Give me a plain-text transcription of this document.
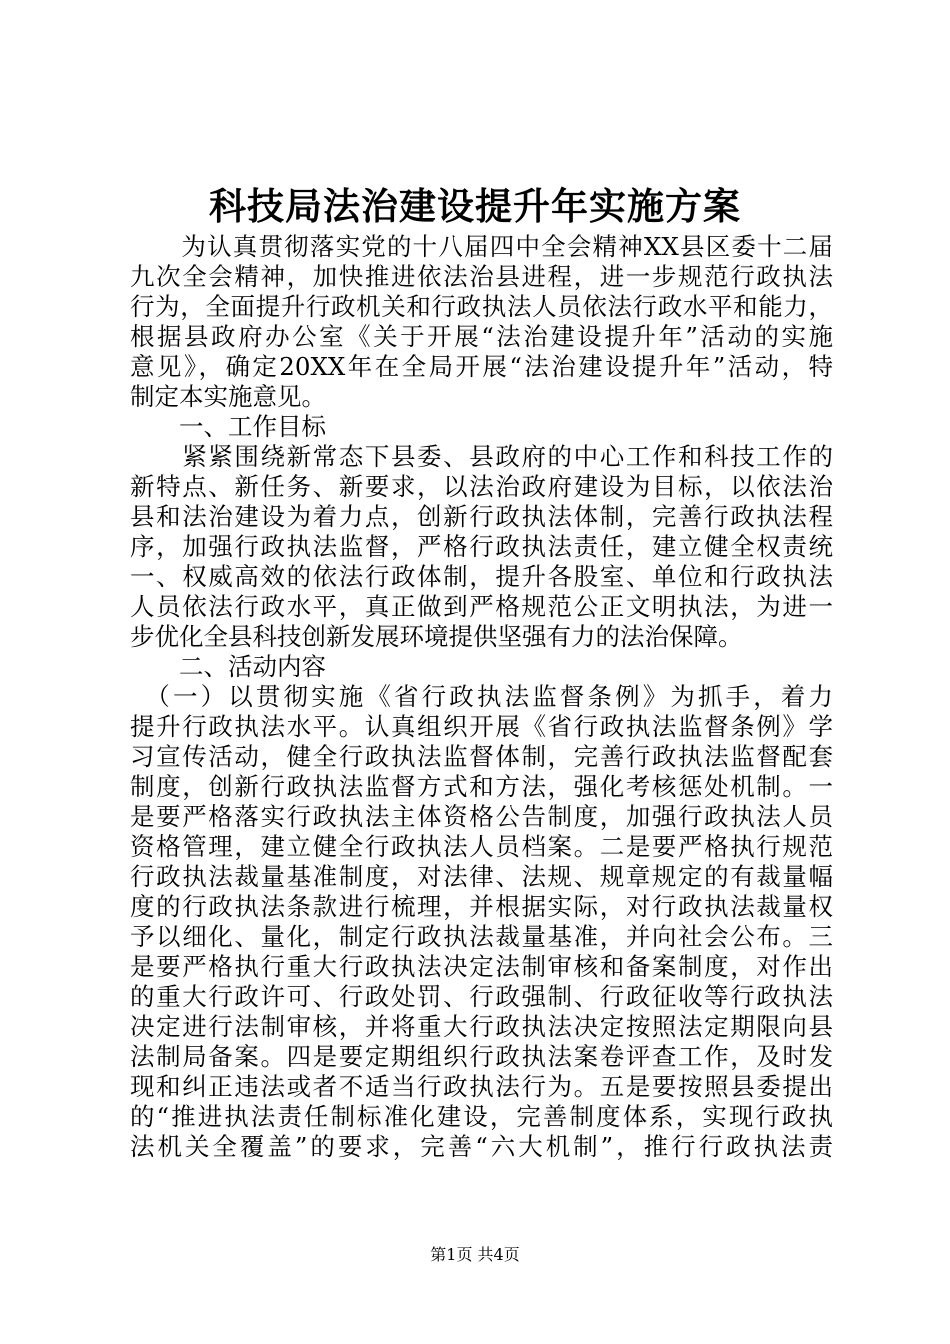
科技局法治建设提升年实施方案
　　为认真贯彻落实党的十八届四中全会精神XX县区委十二届
九次全会精神，加快推进依法治县进程，进一步规范行政执法
行为，全面提升行政机关和行政执法人员依法行政水平和能力，
根据县政府办公室《关于开展“法治建设提升年”活动的实施
意见》，确定20XX年在全局开展“法治建设提升年”活动，特
制定本实施意见。
　　一、工作目标
　　紧紧围绕新常态下县委、县政府的中心工作和科技工作的
新特点、新任务、新要求，以法治政府建设为目标，以依法治
县和法治建设为着力点，创新行政执法体制，完善行政执法程
序，加强行政执法监督，严格行政执法责任，建立健全权责统
一、权威高效的依法行政体制，提升各股室、单位和行政执法
人员依法行政水平，真正做到严格规范公正文明执法，为进一
步优化全县科技创新发展环境提供坚强有力的法治保障。
　　二、活动内容
　（一）以贯彻实施《省行政执法监督条例》为抓手，着力
提升行政执法水平。认真组织开展《省行政执法监督条例》学
习宣传活动，健全行政执法监督体制，完善行政执法监督配套
制度，创新行政执法监督方式和方法，强化考核惩处机制。一
是要严格落实行政执法主体资格公告制度，加强行政执法人员
资格管理，建立健全行政执法人员档案。二是要严格执行规范
行政执法裁量基准制度，对法律、法规、规章规定的有裁量幅
度的行政执法条款进行梳理，并根据实际，对行政执法裁量权
予以细化、量化，制定行政执法裁量基准，并向社会公布。三
是要严格执行重大行政执法决定法制审核和备案制度，对作出
的重大行政许可、行政处罚、行政强制、行政征收等行政执法
决定进行法制审核，并将重大行政执法决定按照法定期限向县
法制局备案。四是要定期组织行政执法案卷评查工作，及时发
现和纠正违法或者不适当行政执法行为。五是要按照县委提出
的“推进执法责任制标准化建设，完善制度体系，实现行政执
法机关全覆盖”的要求，完善“六大机制”，推行行政执法责
第1页 共4页
